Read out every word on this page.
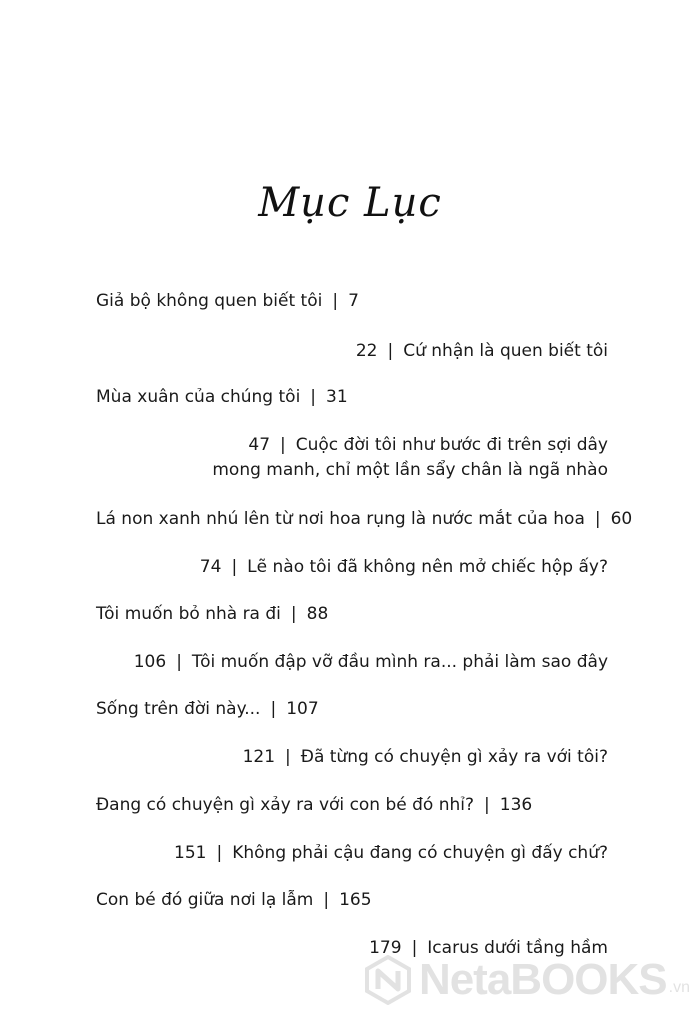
Mục Lục
Giả bộ không quen biết tôi | 7
22 | Cứ nhận là quen biết tôi
Mùa xuân của chúng tôi | 31
47 | Cuộc đời tôi như bước đi trên sợi dây
mong manh, chỉ một lần sẩy chân là ngã nhào
Lá non xanh nhú lên từ nơi hoa rụng là nước mắt của hoa | 60
74 | Lẽ nào tôi đã không nên mở chiếc hộp ấy?
Tôi muốn bỏ nhà ra đi | 88
106 | Tôi muốn đập vỡ đầu mình ra... phải làm sao đây
Sống trên đời này... | 107
121 | Đã từng có chuyện gì xảy ra với tôi?
Đang có chuyện gì xảy ra với con bé đó nhỉ? | 136
151 | Không phải cậu đang có chuyện gì đấy chứ?
Con bé đó giữa nơi lạ lẫm | 165
179 | Icarus dưới tầng hầm
NetaBOOKS .vn
